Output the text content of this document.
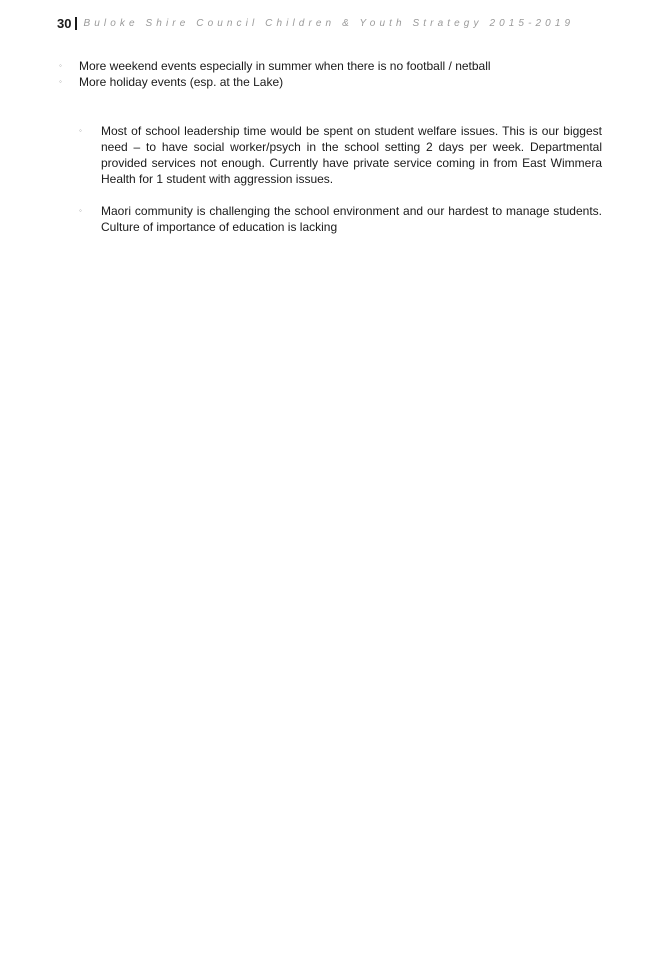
30 Buloke Shire Council Children & Youth Strategy 2015-2019
◦ More weekend events especially in summer when there is no football / netball
◦ More holiday events (esp. at the Lake)
◦ Most of school leadership time would be spent on student welfare issues. This is our biggest need – to have social worker/psych in the school setting 2 days per week. Departmental provided services not enough. Currently have private service coming in from East Wimmera Health for 1 student with aggression issues.
◦ Maori community is challenging the school environment and our hardest to manage students. Culture of importance of education is lacking
